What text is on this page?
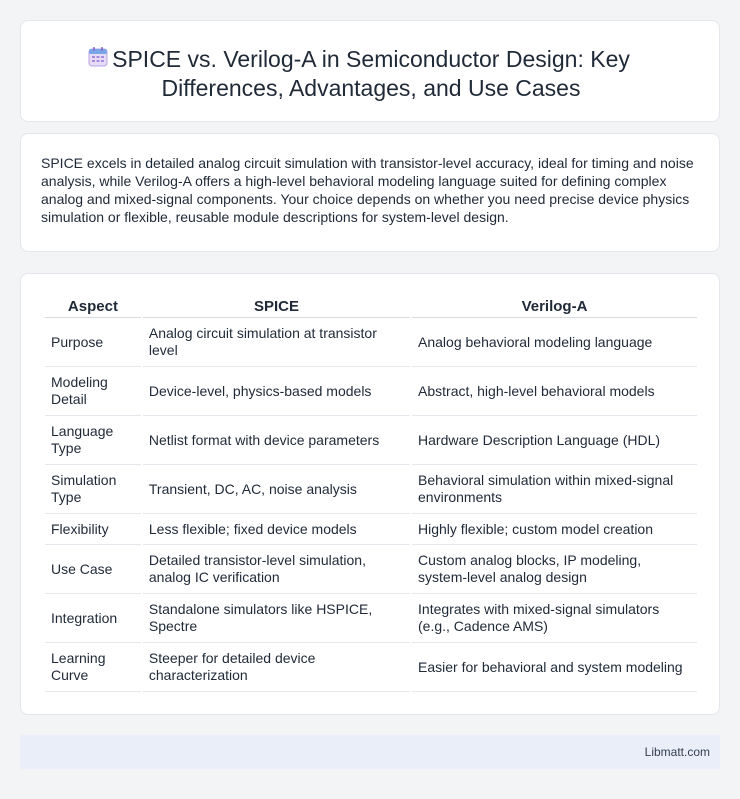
SPICE vs. Verilog-A in Semiconductor Design: Key Differences, Advantages, and Use Cases

SPICE excels in detailed analog circuit simulation with transistor-level accuracy, ideal for timing and noise analysis, while Verilog-A offers a high-level behavioral modeling language suited for defining complex analog and mixed-signal components. Your choice depends on whether you need precise device physics simulation or flexible, reusable module descriptions for system-level design.

Aspect	SPICE	Verilog-A
Purpose	Analog circuit simulation at transistor level	Analog behavioral modeling language
Modeling Detail	Device-level, physics-based models	Abstract, high-level behavioral models
Language Type	Netlist format with device parameters	Hardware Description Language (HDL)
Simulation Type	Transient, DC, AC, noise analysis	Behavioral simulation within mixed-signal environments
Flexibility	Less flexible; fixed device models	Highly flexible; custom model creation
Use Case	Detailed transistor-level simulation, analog IC verification	Custom analog blocks, IP modeling, system-level analog design
Integration	Standalone simulators like HSPICE, Spectre	Integrates with mixed-signal simulators (e.g., Cadence AMS)
Learning Curve	Steeper for detailed device characterization	Easier for behavioral and system modeling
Libmatt.com
